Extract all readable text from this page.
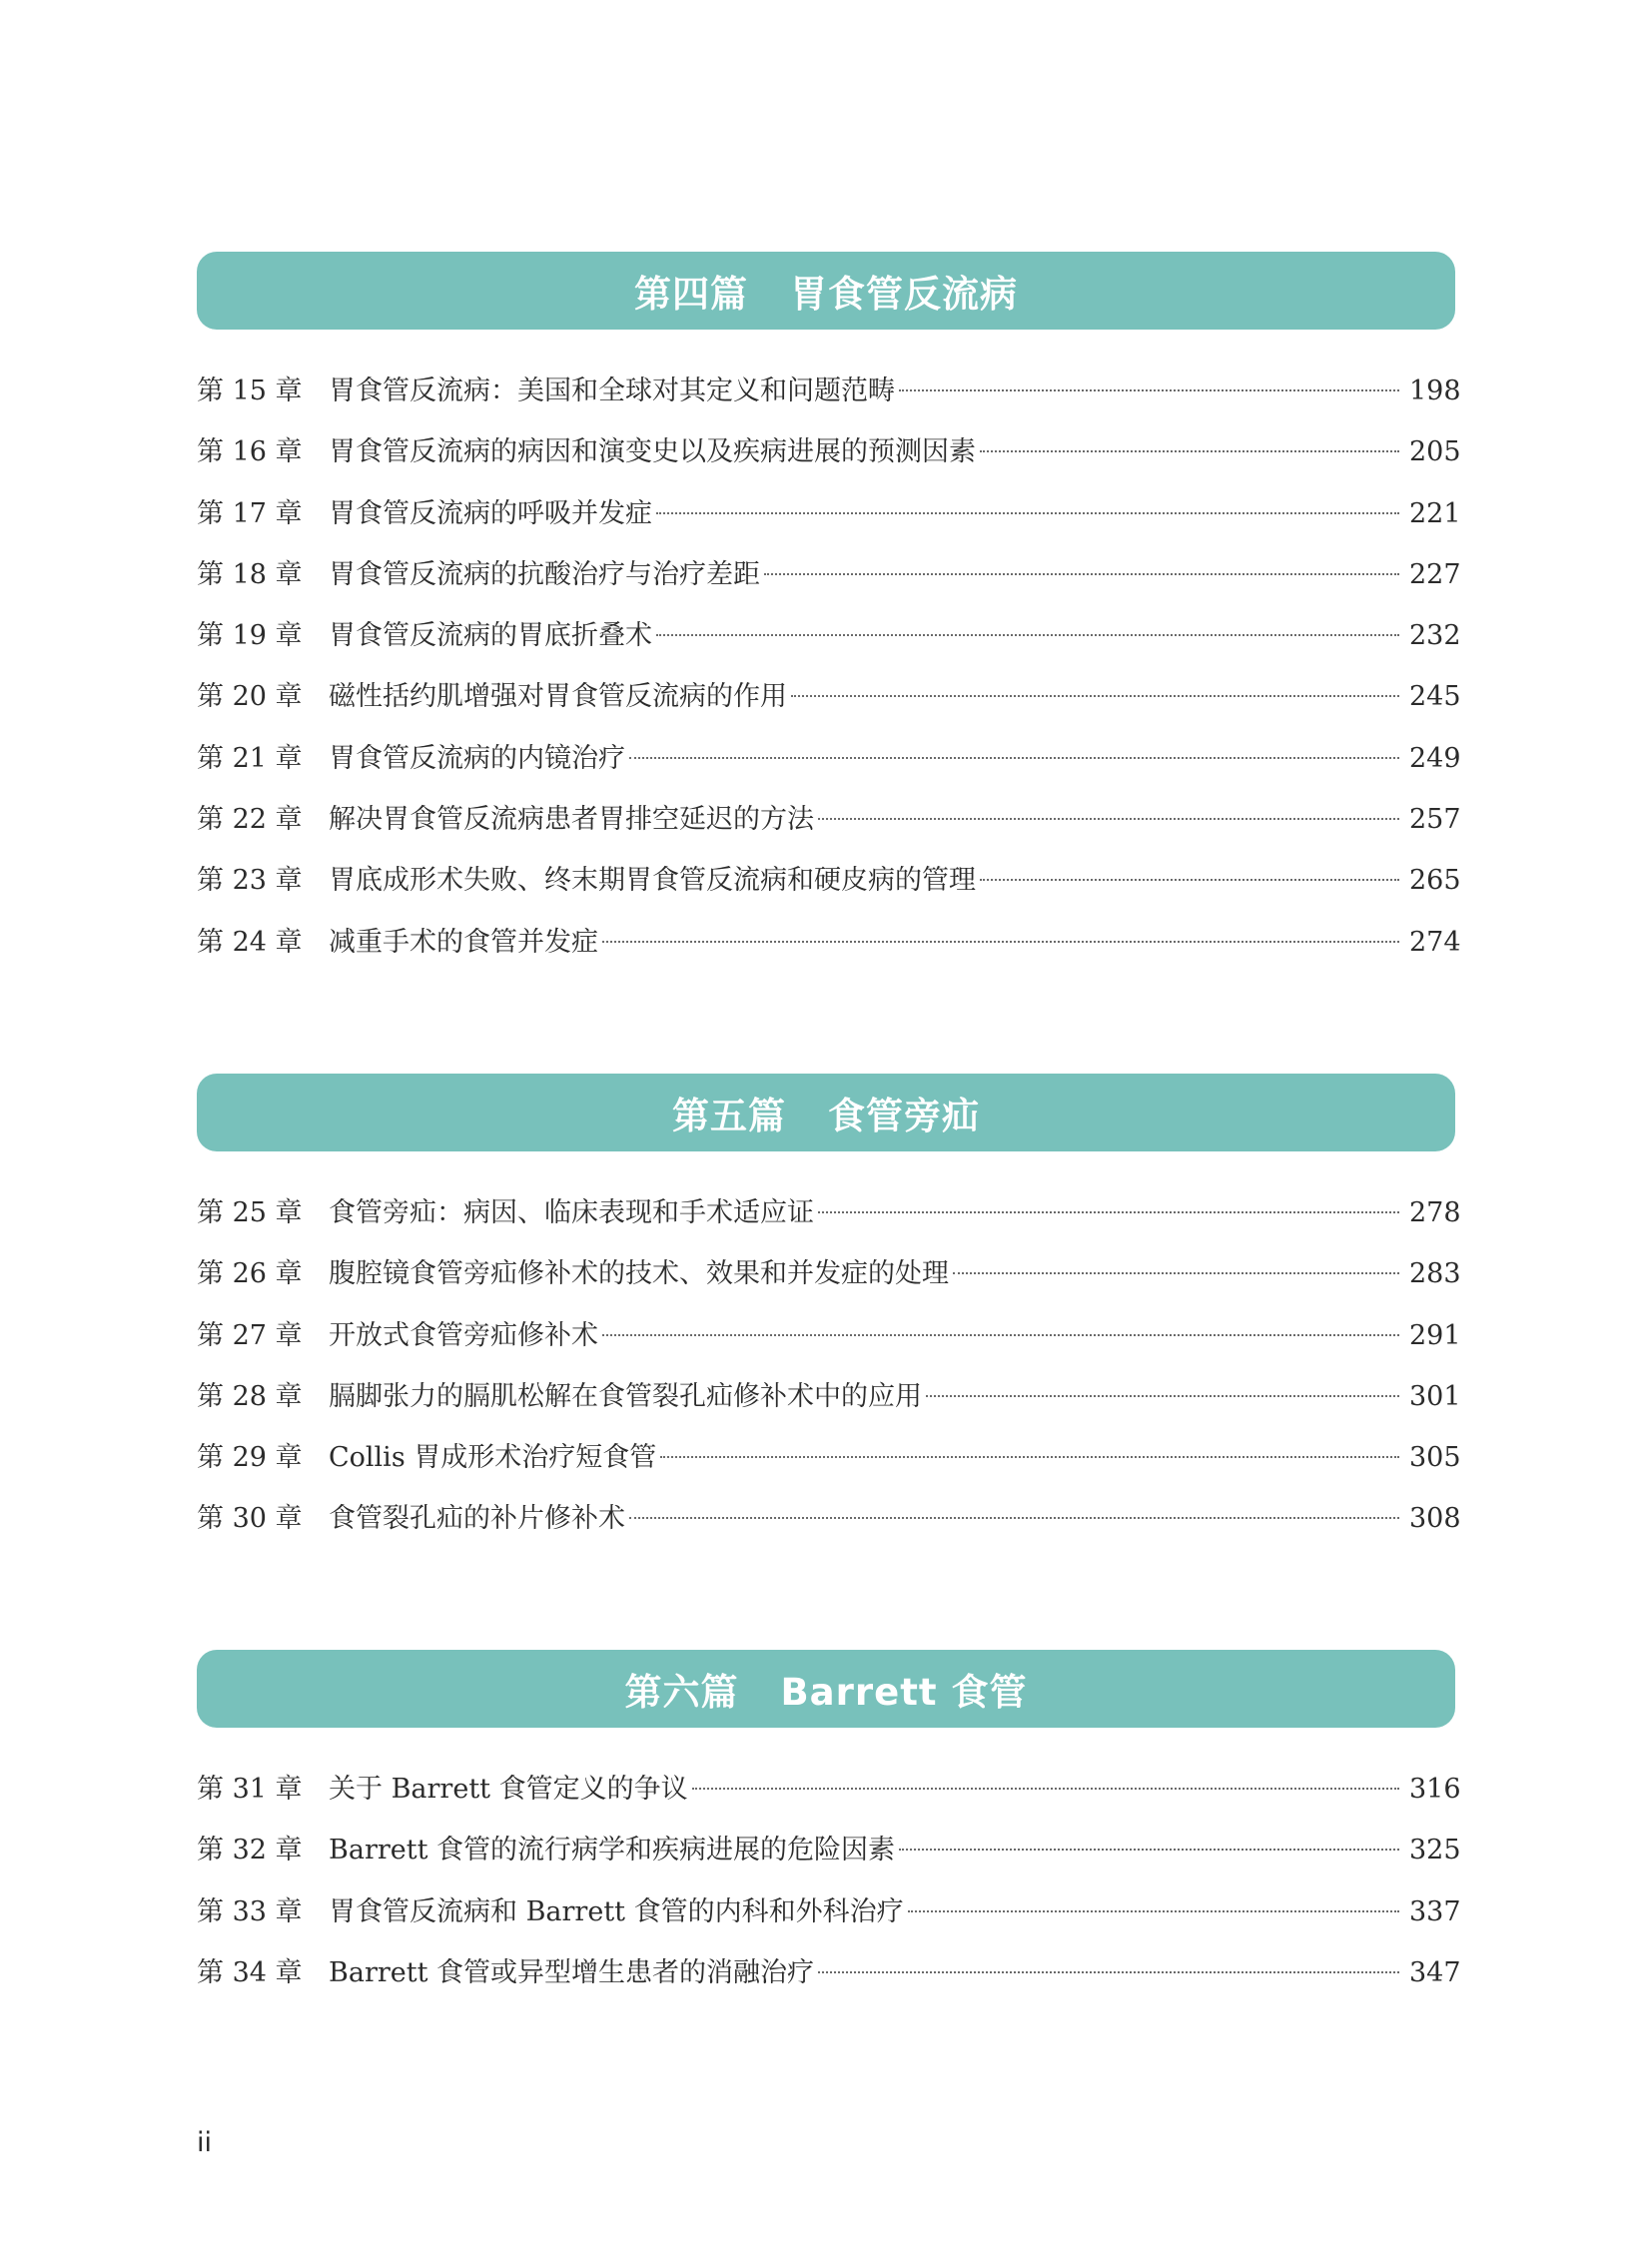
第四篇 胃食管反流病
第 15 章 胃食管反流病：美国和全球对其定义和问题范畴	198
第 16 章 胃食管反流病的病因和演变史以及疾病进展的预测因素	205
第 17 章 胃食管反流病的呼吸并发症	221
第 18 章 胃食管反流病的抗酸治疗与治疗差距	227
第 19 章 胃食管反流病的胃底折叠术	232
第 20 章 磁性括约肌增强对胃食管反流病的作用	245
第 21 章 胃食管反流病的内镜治疗	249
第 22 章 解决胃食管反流病患者胃排空延迟的方法	257
第 23 章 胃底成形术失败、终末期胃食管反流病和硬皮病的管理	265
第 24 章 减重手术的食管并发症	274
第五篇 食管旁疝
第 25 章 食管旁疝：病因、临床表现和手术适应证	278
第 26 章 腹腔镜食管旁疝修补术的技术、效果和并发症的处理	283
第 27 章 开放式食管旁疝修补术	291
第 28 章 膈脚张力的膈肌松解在食管裂孔疝修补术中的应用	301
第 29 章 Collis 胃成形术治疗短食管	305
第 30 章 食管裂孔疝的补片修补术	308
第六篇 Barrett 食管
第 31 章 关于 Barrett 食管定义的争议	316
第 32 章 Barrett 食管的流行病学和疾病进展的危险因素	325
第 33 章 胃食管反流病和 Barrett 食管的内科和外科治疗	337
第 34 章 Barrett 食管或异型增生患者的消融治疗	347
ii
